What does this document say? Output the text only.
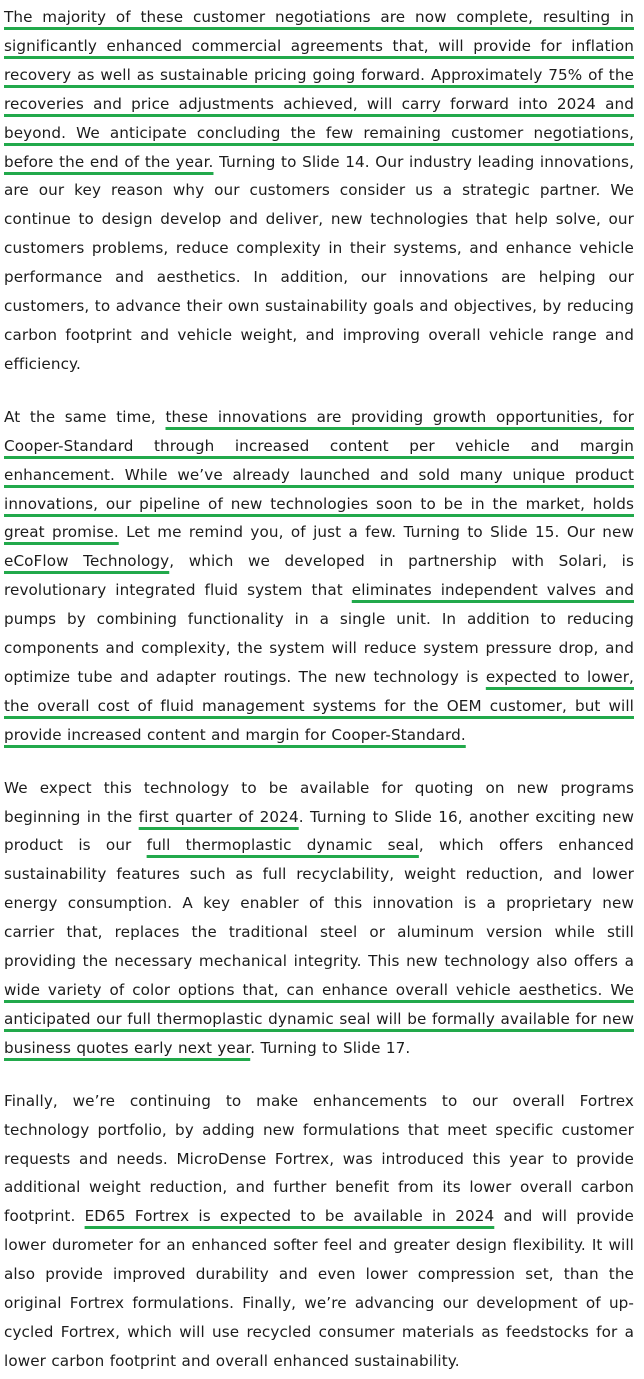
The majority of these customer negotiations are now complete, resulting in significantly enhanced commercial agreements that, will provide for inflation recovery as well as sustainable pricing going forward. Approximately 75% of the recoveries and price adjustments achieved, will carry forward into 2024 and beyond. We anticipate concluding the few remaining customer negotiations, before the end of the year. Turning to Slide 14. Our industry leading innovations, are our key reason why our customers consider us a strategic partner. We continue to design develop and deliver, new technologies that help solve, our customers problems, reduce complexity in their systems, and enhance vehicle performance and aesthetics. In addition, our innovations are helping our customers, to advance their own sustainability goals and objectives, by reducing carbon footprint and vehicle weight, and improving overall vehicle range and efficiency.

At the same time, these innovations are providing growth opportunities, for Cooper-Standard through increased content per vehicle and margin enhancement. While we’ve already launched and sold many unique product innovations, our pipeline of new technologies soon to be in the market, holds great promise. Let me remind you, of just a few. Turning to Slide 15. Our new eCoFlow Technology, which we developed in partnership with Solari, is revolutionary integrated fluid system that eliminates independent valves and pumps by combining functionality in a single unit. In addition to reducing components and complexity, the system will reduce system pressure drop, and optimize tube and adapter routings. The new technology is expected to lower, the overall cost of fluid management systems for the OEM customer, but will provide increased content and margin for Cooper-Standard.

We expect this technology to be available for quoting on new programs beginning in the first quarter of 2024. Turning to Slide 16, another exciting new product is our full thermoplastic dynamic seal, which offers enhanced sustainability features such as full recyclability, weight reduction, and lower energy consumption. A key enabler of this innovation is a proprietary new carrier that, replaces the traditional steel or aluminum version while still providing the necessary mechanical integrity. This new technology also offers a wide variety of color options that, can enhance overall vehicle aesthetics. We anticipated our full thermoplastic dynamic seal will be formally available for new business quotes early next year. Turning to Slide 17.

Finally, we’re continuing to make enhancements to our overall Fortrex technology portfolio, by adding new formulations that meet specific customer requests and needs. MicroDense Fortrex, was introduced this year to provide additional weight reduction, and further benefit from its lower overall carbon footprint. ED65 Fortrex is expected to be available in 2024 and will provide lower durometer for an enhanced softer feel and greater design flexibility. It will also provide improved durability and even lower compression set, than the original Fortrex formulations. Finally, we’re advancing our development of up-cycled Fortrex, which will use recycled consumer materials as feedstocks for a lower carbon footprint and overall enhanced sustainability.
